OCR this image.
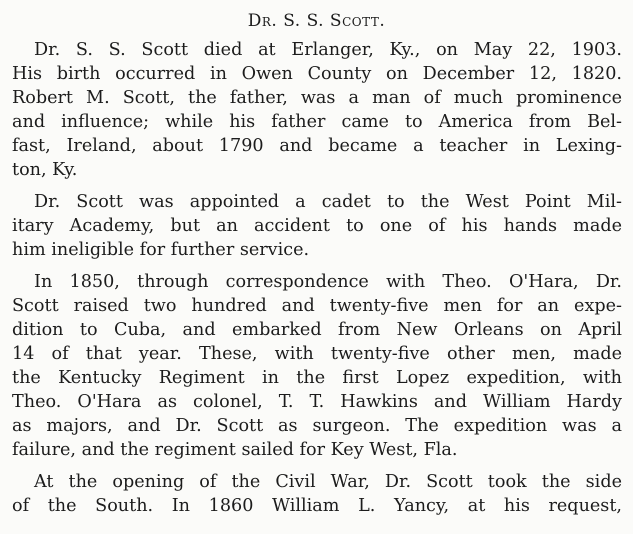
Dr. S. S. Scott.
Dr. S. S. Scott died at Erlanger, Ky., on May 22, 1903.
His birth occurred in Owen County on December 12, 1820.
Robert M. Scott, the father, was a man of much prominence
and influence; while his father came to America from Bel-
fast, Ireland, about 1790 and became a teacher in Lexing-
ton, Ky.
Dr. Scott was appointed a cadet to the West Point Mil-
itary Academy, but an accident to one of his hands made
him ineligible for further service.
In 1850, through correspondence with Theo. O'Hara, Dr.
Scott raised two hundred and twenty-five men for an expe-
dition to Cuba, and embarked from New Orleans on April
14 of that year. These, with twenty-five other men, made
the Kentucky Regiment in the first Lopez expedition, with
Theo. O'Hara as colonel, T. T. Hawkins and William Hardy
as majors, and Dr. Scott as surgeon. The expedition was a
failure, and the regiment sailed for Key West, Fla.
At the opening of the Civil War, Dr. Scott took the side
of the South. In 1860 William L. Yancy, at his request,
